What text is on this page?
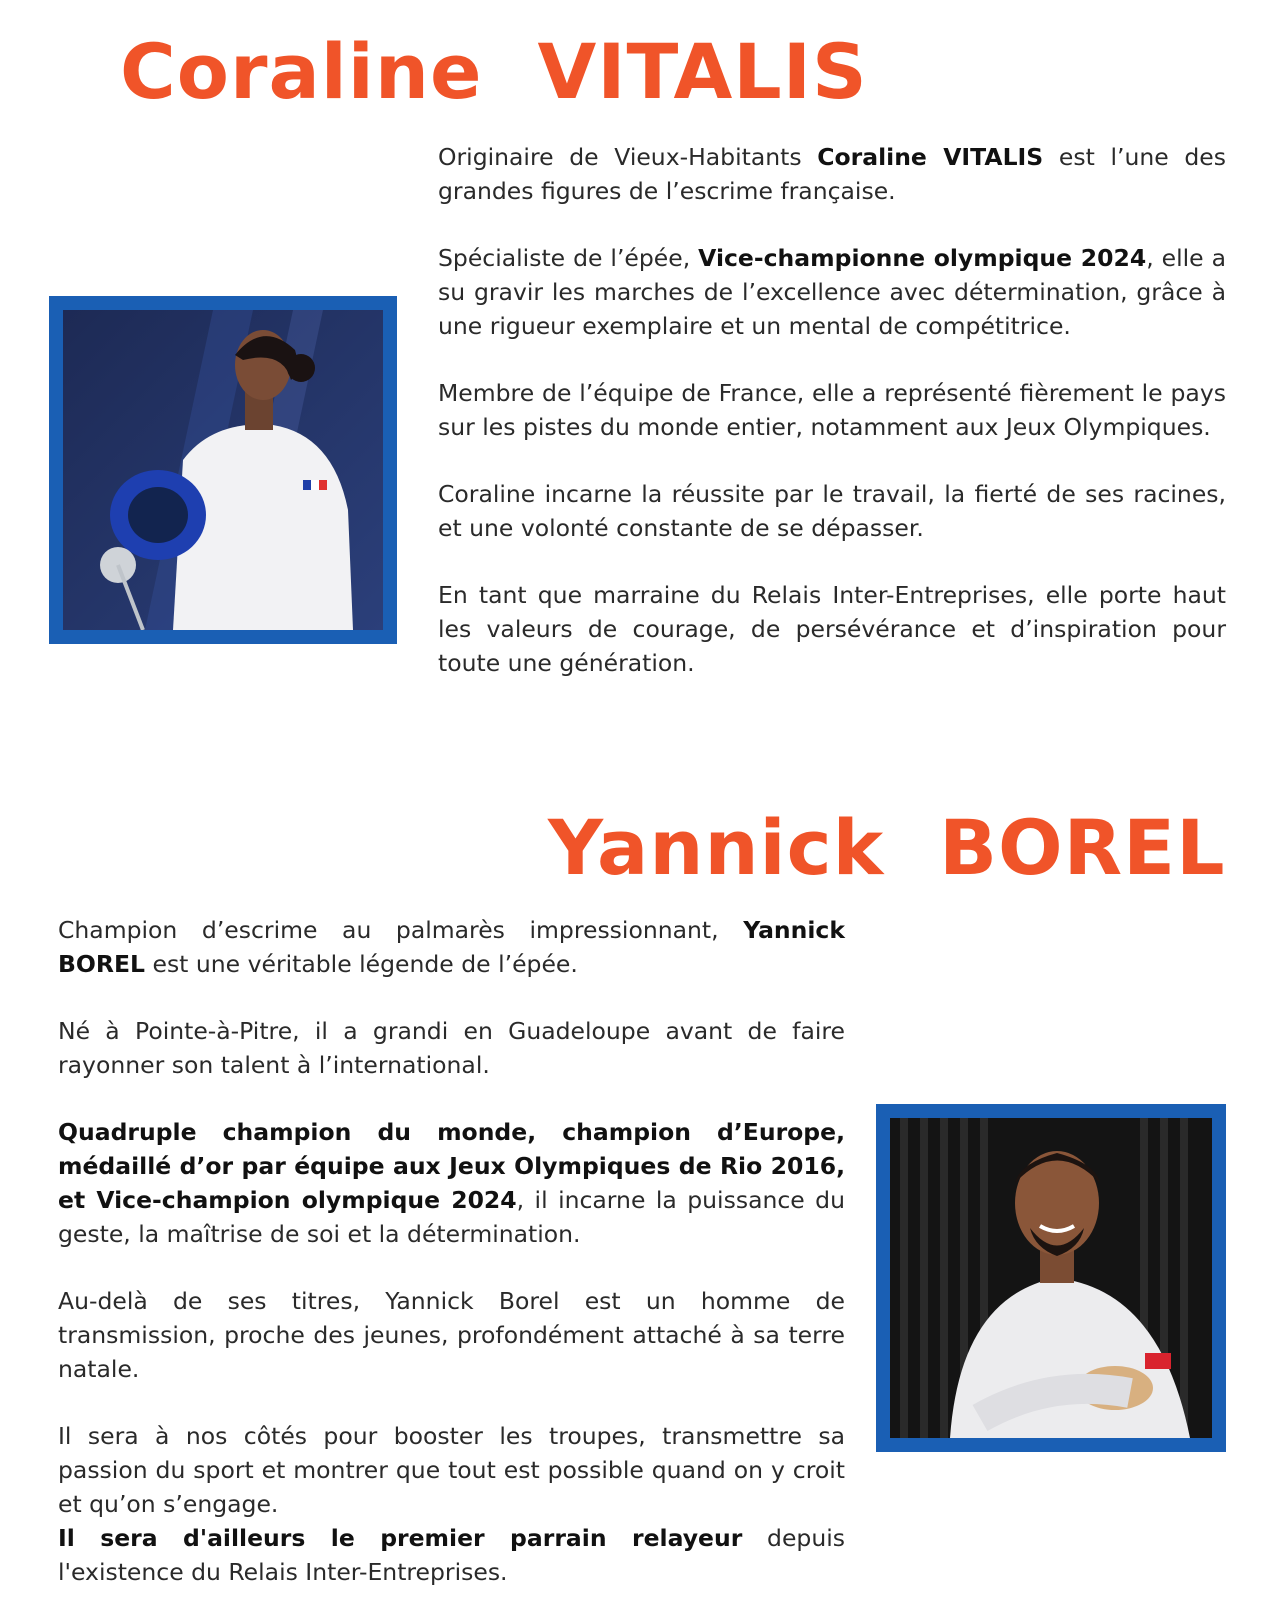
Coraline VITALIS

Originaire de Vieux-Habitants Coraline VITALIS est l’une des grandes figures de l’escrime française.

Spécialiste de l’épée, Vice-championne olympique 2024, elle a su gravir les marches de l’excellence avec détermination, grâce à une rigueur exemplaire et un mental de compétitrice.

Membre de l’équipe de France, elle a représenté fièrement le pays sur les pistes du monde entier, notamment aux Jeux Olympiques.

Coraline incarne la réussite par le travail, la fierté de ses racines, et une volonté constante de se dépasser.

En tant que marraine du Relais Inter-Entreprises, elle porte haut les valeurs de courage, de persévérance et d’inspiration pour toute une génération.

Yannick BOREL

Champion d’escrime au palmarès impressionnant, Yannick BOREL est une véritable légende de l’épée.

Né à Pointe-à-Pitre, il a grandi en Guadeloupe avant de faire rayonner son talent à l’international.

Quadruple champion du monde, champion d’Europe, médaillé d’or par équipe aux Jeux Olympiques de Rio 2016, et Vice-champion olympique 2024, il incarne la puissance du geste, la maîtrise de soi et la détermination.

Au-delà de ses titres, Yannick Borel est un homme de transmission, proche des jeunes, profondément attaché à sa terre natale.

Il sera à nos côtés pour booster les troupes, transmettre sa passion du sport et montrer que tout est possible quand on y croit et qu’on s’engage.

Il sera d'ailleurs le premier parrain relayeur depuis l'existence du Relais Inter-Entreprises.
